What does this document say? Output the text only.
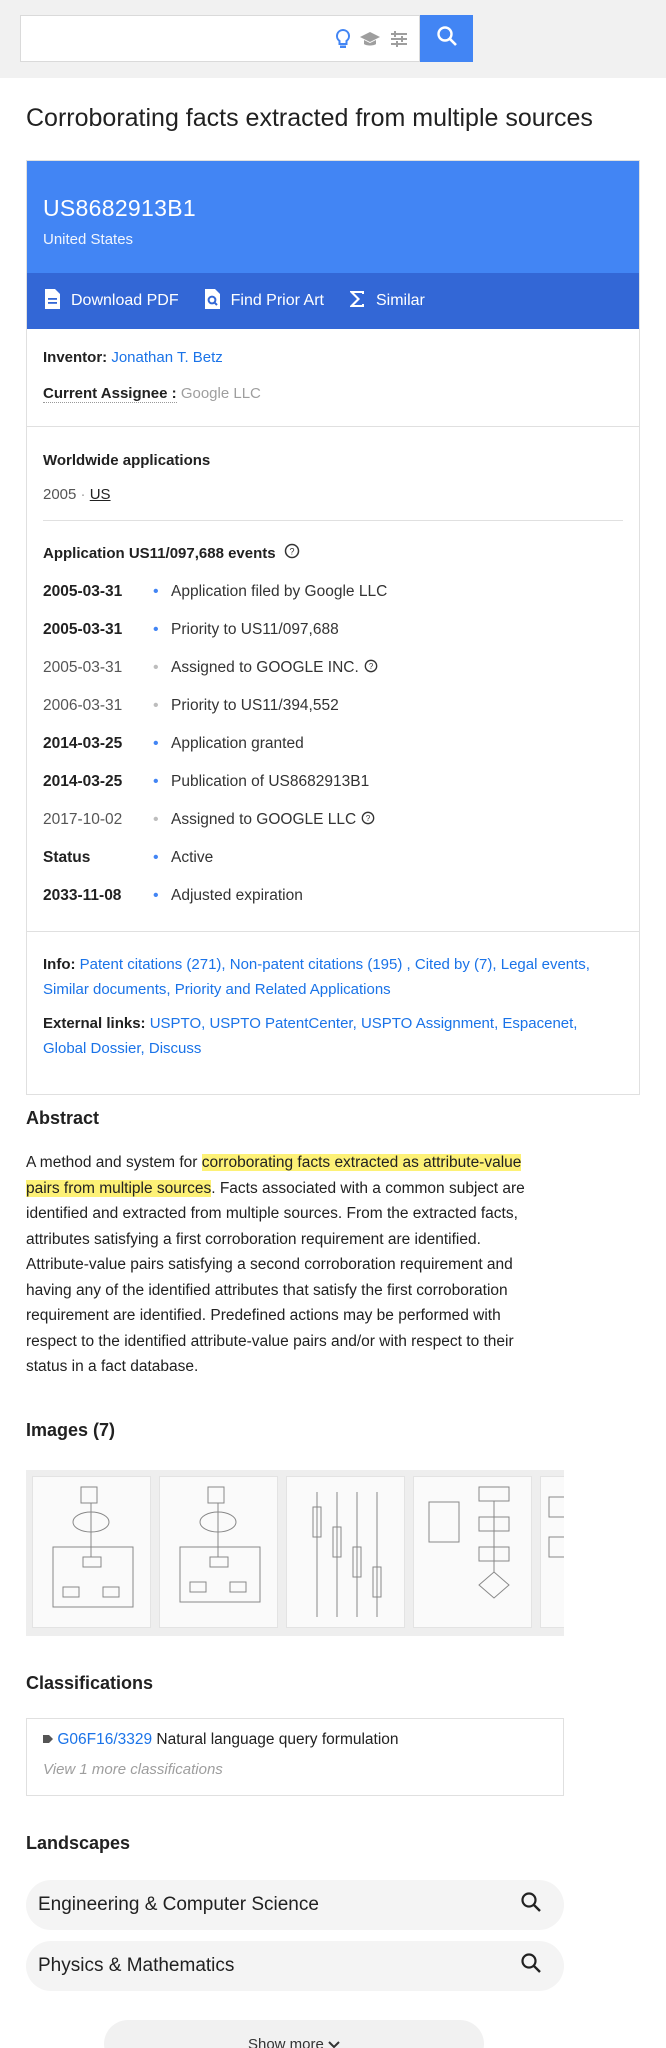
Corroborating facts extracted from multiple sources
US8682913B1
United States
Download PDF	Find Prior Art	Similar
Inventor: Jonathan T. Betz
Current Assignee : Google LLC
Worldwide applications
2005 · US
Application US11/097,688 events ?
2005-03-31	• Application filed by Google LLC
2005-03-31	• Priority to US11/097,688
2005-03-31	• Assigned to GOOGLE INC. ?
2006-03-31	• Priority to US11/394,552
2014-03-25	• Application granted
2014-03-25	• Publication of US8682913B1
2017-10-02	• Assigned to GOOGLE LLC ?
Status	• Active
2033-11-08	• Adjusted expiration
Info: Patent citations (271), Non-patent citations (195) , Cited by (7), Legal events, Similar documents, Priority and Related Applications
External links: USPTO, USPTO PatentCenter, USPTO Assignment, Espacenet, Global Dossier, Discuss
Abstract

A method and system for corroborating facts extracted as attribute-value pairs from multiple sources. Facts associated with a common subject are identified and extracted from multiple sources. From the extracted facts, attributes satisfying a first corroboration requirement are identified. Attribute-value pairs satisfying a second corroboration requirement and having any of the identified attributes that satisfy the first corroboration requirement are identified. Predefined actions may be performed with respect to the identified attribute-value pairs and/or with respect to their status in a fact database.

Images (7)
Classifications
G06F16/3329 Natural language query formulation
View 1 more classifications
Landscapes
Engineering & Computer Science
Physics & Mathematics
Show more
